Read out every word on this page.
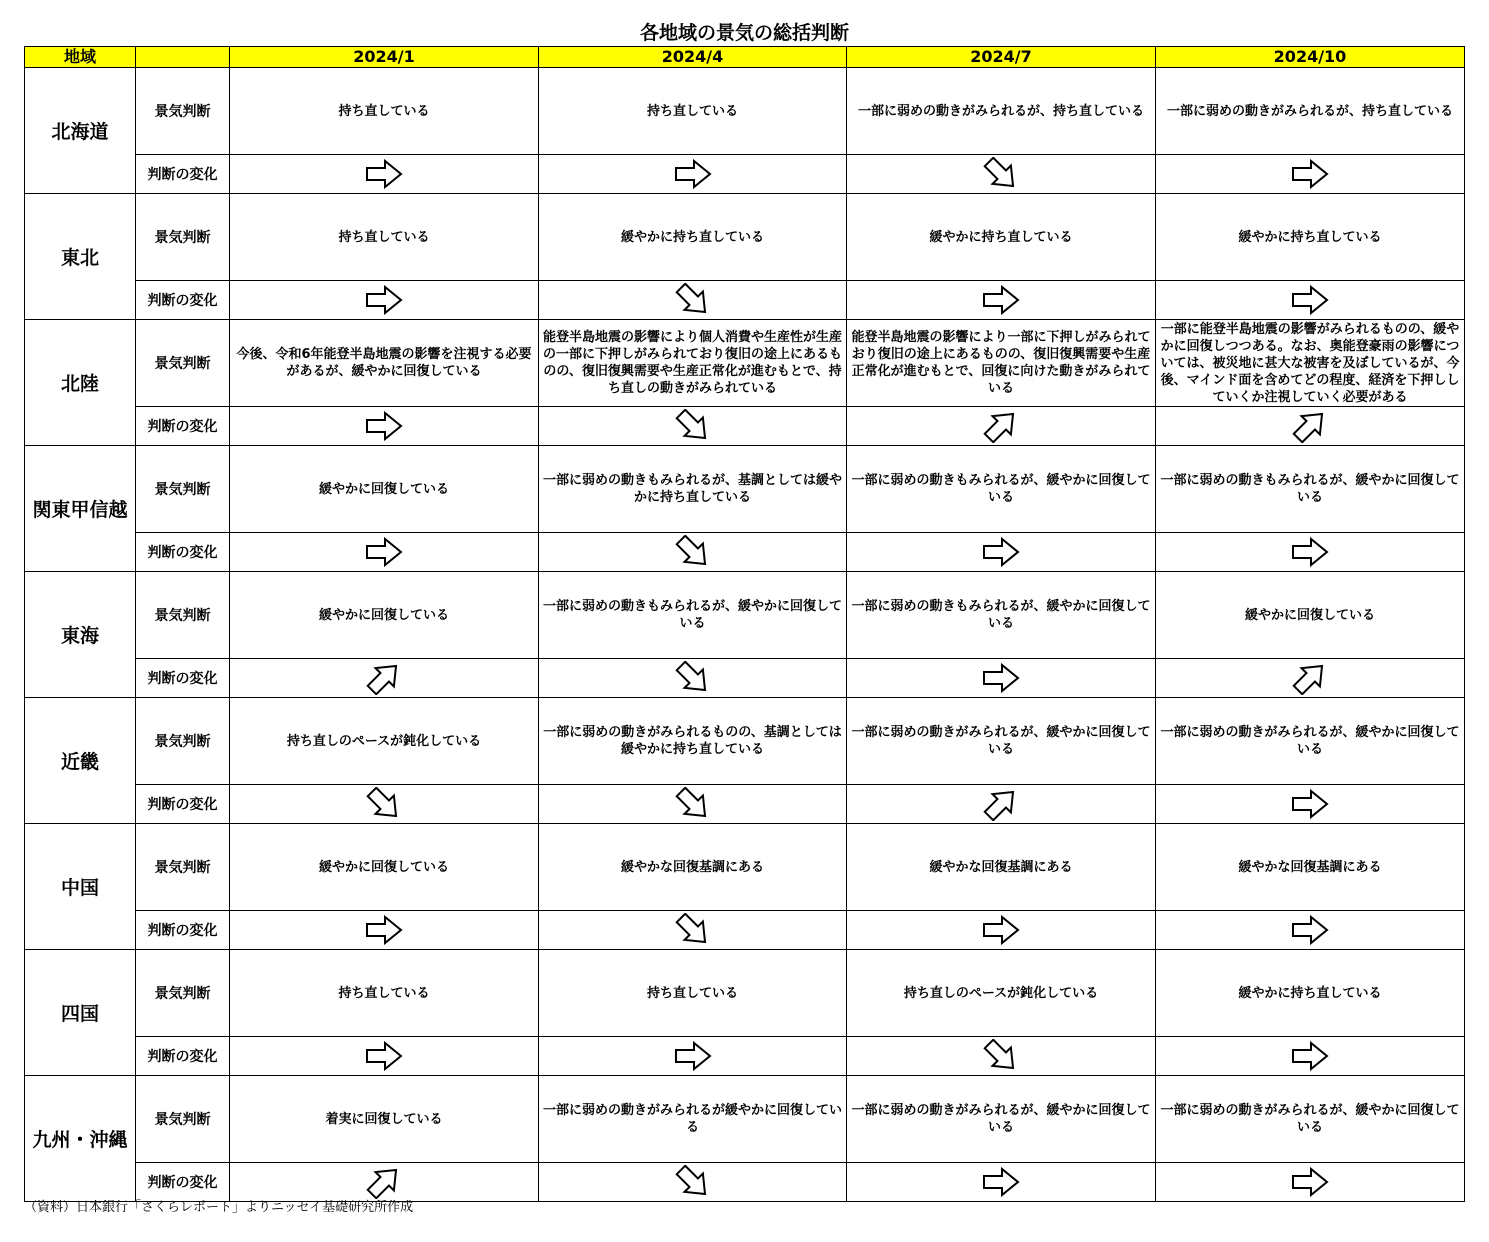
各地域の景気の総括判断
地域		2024/1	2024/4	2024/7	2024/10
北海道	景気判断	持ち直している	持ち直している	一部に弱めの動きがみられるが、持ち直している	一部に弱めの動きがみられるが、持ち直している
	判断の変化				
東北	景気判断	持ち直している	緩やかに持ち直している	緩やかに持ち直している	緩やかに持ち直している
	判断の変化				
北陸	景気判断	今後、令和6年能登半島地震の影響を注視する必要があるが、緩やかに回復している	能登半島地震の影響により個人消費や生産性が生産の一部に下押しがみられており復旧の途上にあるものの、復旧復興需要や生産正常化が進むもとで、持ち直しの動きがみられている	能登半島地震の影響により一部に下押しがみられており復旧の途上にあるものの、復旧復興需要や生産正常化が進むもとで、回復に向けた動きがみられている	一部に能登半島地震の影響がみられるものの、緩やかに回復しつつある。なお、奥能登豪雨の影響については、被災地に甚大な被害を及ぼしているが、今後、マインド面を含めてどの程度、経済を下押ししていくか注視していく必要がある
	判断の変化				
関東甲信越	景気判断	緩やかに回復している	一部に弱めの動きもみられるが、基調としては緩やかに持ち直している	一部に弱めの動きもみられるが、緩やかに回復している	一部に弱めの動きもみられるが、緩やかに回復している
	判断の変化				
東海	景気判断	緩やかに回復している	一部に弱めの動きもみられるが、緩やかに回復している	一部に弱めの動きもみられるが、緩やかに回復している	緩やかに回復している
	判断の変化				
近畿	景気判断	持ち直しのペースが鈍化している	一部に弱めの動きがみられるものの、基調としては緩やかに持ち直している	一部に弱めの動きがみられるが、緩やかに回復している	一部に弱めの動きがみられるが、緩やかに回復している
	判断の変化				
中国	景気判断	緩やかに回復している	緩やかな回復基調にある	緩やかな回復基調にある	緩やかな回復基調にある
	判断の変化				
四国	景気判断	持ち直している	持ち直している	持ち直しのペースが鈍化している	緩やかに持ち直している
	判断の変化				
九州・沖縄	景気判断	着実に回復している	一部に弱めの動きがみられるが緩やかに回復している	一部に弱めの動きがみられるが、緩やかに回復している	一部に弱めの動きがみられるが、緩やかに回復している
	判断の変化				
（資料）日本銀行「さくらレポート」よりニッセイ基礎研究所作成
